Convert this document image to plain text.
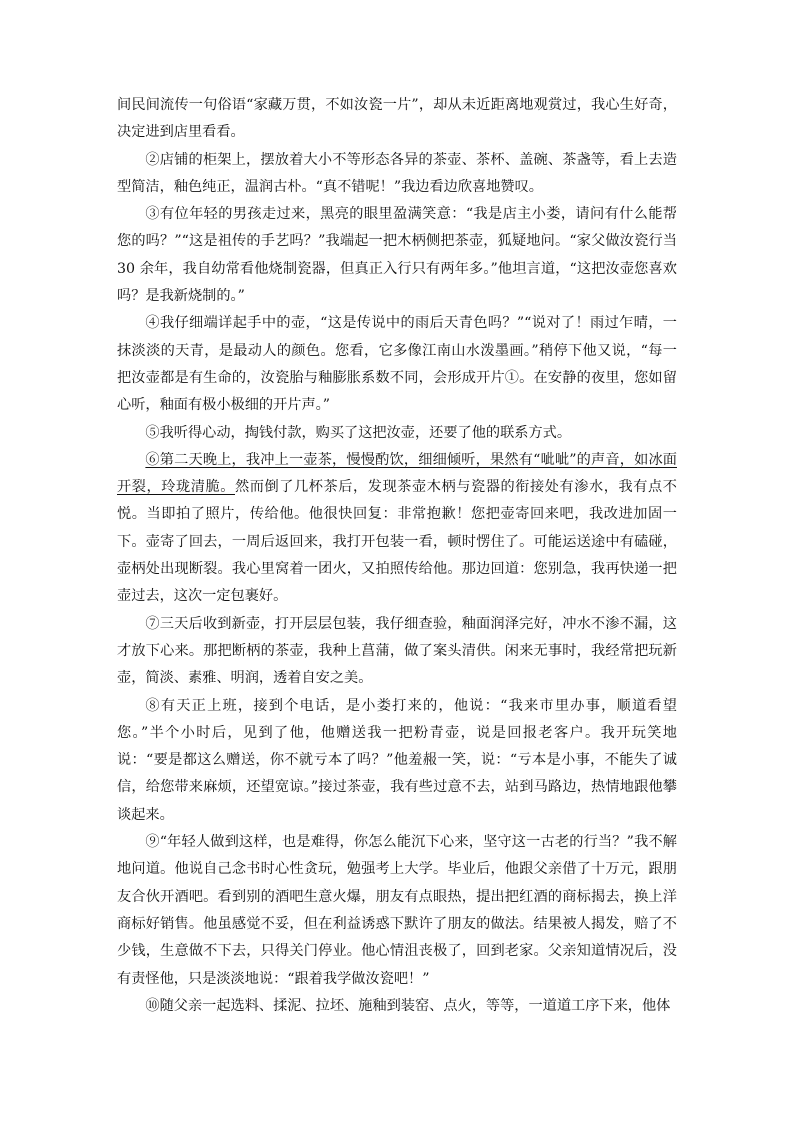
间民间流传一句俗语“家藏万贯，不如汝瓷一片”，却从未近距离地观赏过，我心生好奇，决定进到店里看看。

②店铺的柜架上，摆放着大小不等形态各异的茶壶、茶杯、盖碗、茶盏等，看上去造型简洁，釉色纯正，温润古朴。“真不错呢！”我边看边欣喜地赞叹。

③有位年轻的男孩走过来，黑亮的眼里盈满笑意：“我是店主小娄，请问有什么能帮您的吗？”“这是祖传的手艺吗？”我端起一把木柄侧把茶壶，狐疑地问。“家父做汝瓷行当 30 余年，我自幼常看他烧制瓷器，但真正入行只有两年多。”他坦言道，“这把汝壶您喜欢吗？是我新烧制的。”

④我仔细端详起手中的壶，“这是传说中的雨后天青色吗？”“说对了！雨过乍晴，一抹淡淡的天青，是最动人的颜色。您看，它多像江南山水泼墨画。”稍停下他又说，“每一把汝壶都是有生命的，汝瓷胎与釉膨胀系数不同，会形成开片①。在安静的夜里，您如留心听，釉面有极小极细的开片声。”

⑤我听得心动，掏钱付款，购买了这把汝壶，还要了他的联系方式。

⑥第二天晚上，我冲上一壶茶，慢慢酌饮，细细倾听，果然有“呲呲”的声音，如冰面开裂，玲珑清脆。然而倒了几杯茶后，发现茶壶木柄与瓷器的衔接处有渗水，我有点不悦。当即拍了照片，传给他。他很快回复：非常抱歉！您把壶寄回来吧，我改进加固一下。壶寄了回去，一周后返回来，我打开包装一看，顿时愣住了。可能运送途中有磕碰，壶柄处出现断裂。我心里窝着一团火，又拍照传给他。那边回道：您别急，我再快递一把壶过去，这次一定包裹好。

⑦三天后收到新壶，打开层层包装，我仔细查验，釉面润泽完好，冲水不渗不漏，这才放下心来。那把断柄的茶壶，我种上菖蒲，做了案头清供。闲来无事时，我经常把玩新壶，简淡、素雅、明润，透着自安之美。

⑧有天正上班，接到个电话，是小娄打来的，他说：“我来市里办事，顺道看望您。”半个小时后，见到了他，他赠送我一把粉青壶，说是回报老客户。我开玩笑地说：“要是都这么赠送，你不就亏本了吗？”他羞赧一笑，说：“亏本是小事，不能失了诚信，给您带来麻烦，还望宽谅。”接过茶壶，我有些过意不去，站到马路边，热情地跟他攀谈起来。

⑨“年轻人做到这样，也是难得，你怎么能沉下心来，坚守这一古老的行当？”我不解地问道。他说自己念书时心性贪玩，勉强考上大学。毕业后，他跟父亲借了十万元，跟朋友合伙开酒吧。看到别的酒吧生意火爆，朋友有点眼热，提出把红酒的商标揭去，换上洋商标好销售。他虽感觉不妥，但在利益诱惑下默许了朋友的做法。结果被人揭发，赔了不少钱，生意做不下去，只得关门停业。他心情沮丧极了，回到老家。父亲知道情况后，没有责怪他，只是淡淡地说：“跟着我学做汝瓷吧！”

⑩随父亲一起选料、揉泥、拉坯、施釉到装窑、点火，等等，一道道工序下来，他体
